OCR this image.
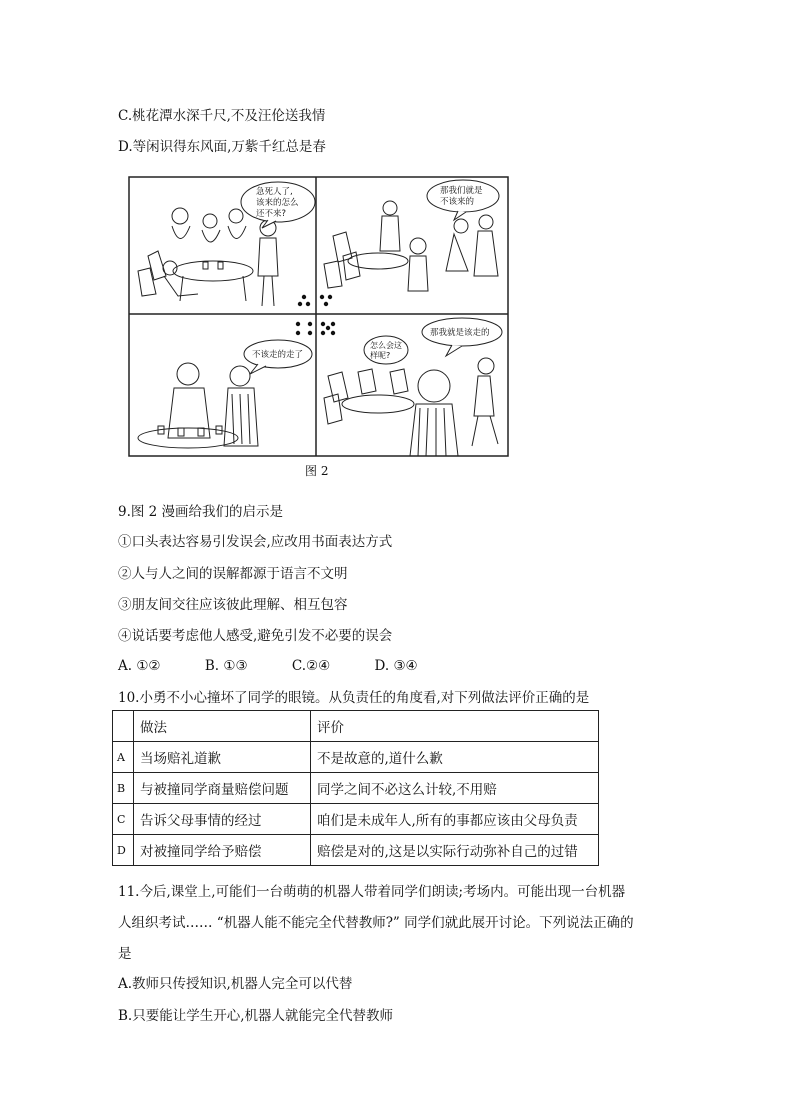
C.桃花潭水深千尺,不及汪伦送我情
D.等闲识得东风面,万紫千红总是春
急死人了, 该来的怎么 还不来?
那我们就是 不该来的
不该走的走了
怎么会这 样呢?
那我就是该走的
图 2
9.图 2 漫画给我们的启示是
①口头表达容易引发误会,应改用书面表达方式
②人与人之间的误解都源于语言不文明
③朋友间交往应该彼此理解、相互包容
④说话要考虑他人感受,避免引发不必要的误会
A. ①②	B. ①③	C.②④	D. ③④
10.小勇不小心撞坏了同学的眼镜。从负责任的角度看,对下列做法评价正确的是
	做法	评价
A	当场赔礼道歉	不是故意的,道什么歉
B	与被撞同学商量赔偿问题	同学之间不必这么计较,不用赔
C	告诉父母事情的经过	咱们是未成年人,所有的事都应该由父母负责
D	对被撞同学给予赔偿	赔偿是对的,这是以实际行动弥补自己的过错
11.今后,课堂上,可能们一台萌萌的机器人带着同学们朗读;考场内。可能出现一台机器
人组织考试…… “机器人能不能完全代替教师?” 同学们就此展开讨论。下列说法正确的
是
A.教师只传授知识,机器人完全可以代替
B.只要能让学生开心,机器人就能完全代替教师
